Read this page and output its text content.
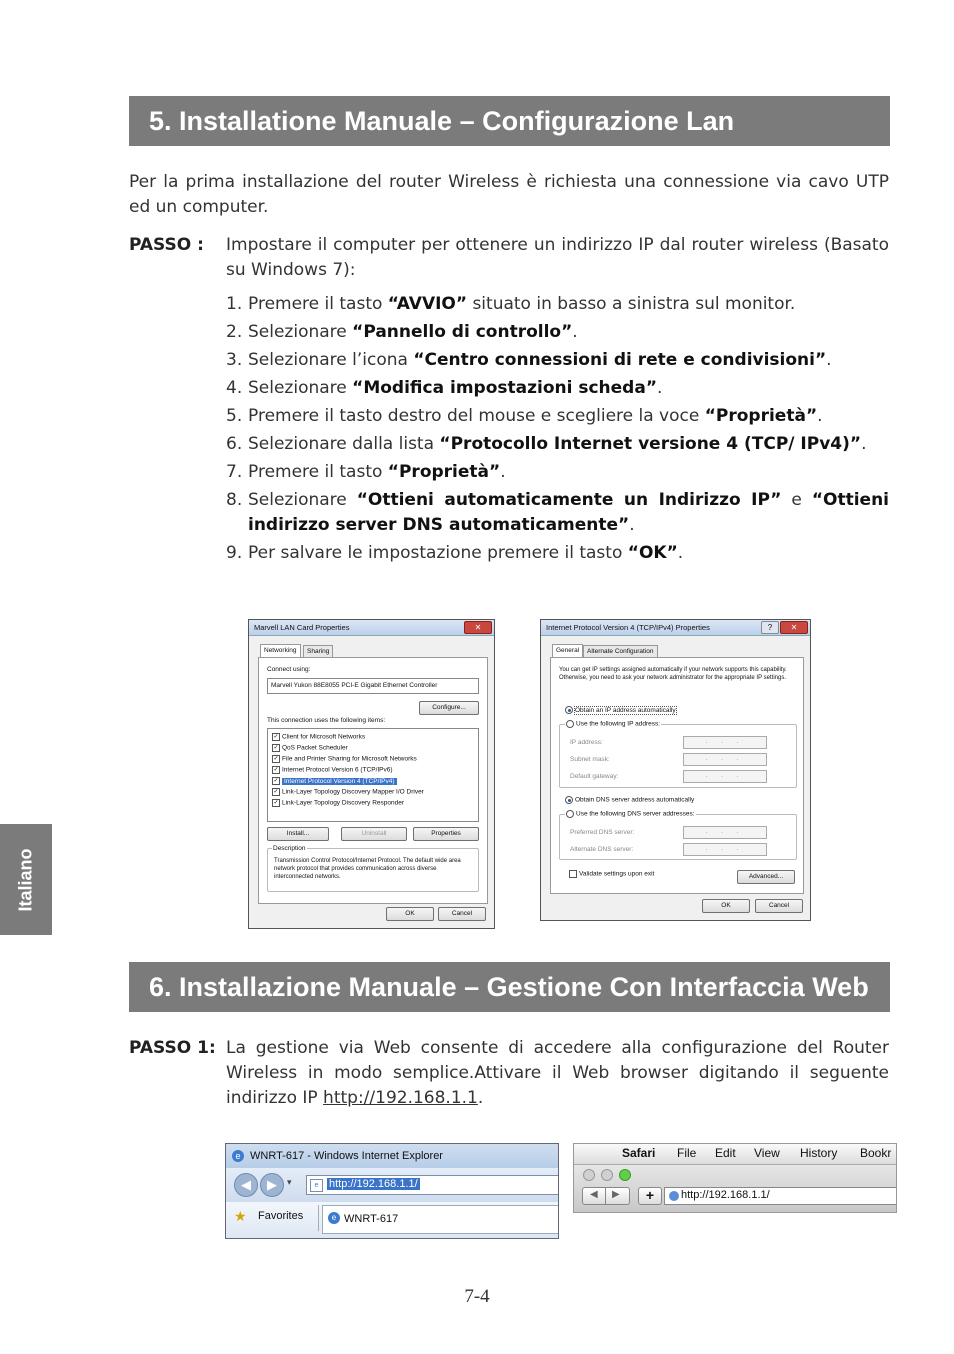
5. Installatione Manuale – Configurazione Lan
Per la prima installazione del router Wireless è richiesta una connessione via cavo UTP ed un computer.
PASSO : Impostare il computer per ottenere un indirizzo IP dal router wireless (Basato su Windows 7):
1. Premere il tasto “AVVIO” situato in basso a sinistra sul monitor.
2. Selezionare “Pannello di controllo”.
3. Selezionare l’icona “Centro connessioni di rete e condivisioni”.
4. Selezionare “Modifica impostazioni scheda”.
5. Premere il tasto destro del mouse e scegliere la voce “Proprietà”.
6. Selezionare dalla lista “Protocollo Internet versione 4 (TCP/ IPv4)”.
7. Premere il tasto “Proprietà”.
8. Selezionare “Ottieni automaticamente un Indirizzo IP” e “Ottieni indirizzo server DNS automaticamente”.
9. Per salvare le impostazione premere il tasto “OK”.
Marvell LAN Card Properties	✕
Networking	Sharing
Connect using:
Marvell Yukon 88E8055 PCI-E Gigabit Ethernet Controller
Configure...
This connection uses the following items:
✓ Client for Microsoft Networks
✓ QoS Packet Scheduler
✓ File and Printer Sharing for Microsoft Networks
✓ Internet Protocol Version 6 (TCP/IPv6)
✓ Internet Protocol Version 4 (TCP/IPv4)
✓ Link-Layer Topology Discovery Mapper I/O Driver
✓ Link-Layer Topology Discovery Responder
Install...	Uninstall	Properties
Description
Transmission Control Protocol/Internet Protocol. The default wide area network protocol that provides communication across diverse interconnected networks.
OK	Cancel
Internet Protocol Version 4 (TCP/IPv4) Properties	?	✕
General	Alternate Configuration
You can get IP settings assigned automatically if your network supports this capability. Otherwise, you need to ask your network administrator for the appropriate IP settings.
Obtain an IP address automatically
Use the following IP address:
IP address:	. . .
Subnet mask:	. . .
Default gateway:	. . .
Obtain DNS server address automatically
Use the following DNS server addresses:
Preferred DNS server:	. . .
Alternate DNS server:	. . .
Validate settings upon exit	Advanced...
OK	Cancel
Italiano
6. Installazione Manuale – Gestione Con Interfaccia Web
PASSO 1: La gestione via Web consente di accedere alla configurazione del Router Wireless in modo semplice.Attivare il Web browser digitando il seguente indirizzo IP http://192.168.1.1.
e WNRT-617 - Windows Internet Explorer
◀	▶	▾	e http://192.168.1.1/
★ Favorites	e WNRT-617
Safari File Edit View History Bookr
◀ ▶	+	http://192.168.1.1/
7-4
